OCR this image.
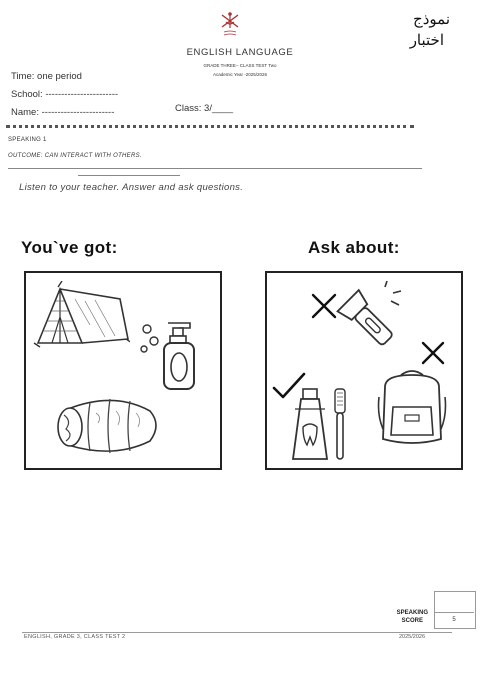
نموذج
اختبار
ENGLISH LANGUAGE
GRADE THREE– CLASS TEST Two
Academic Year -2025/2026
Time: one period
School: -----------------------
Name: -----------------------	Class: 3/____
SPEAKING 1
OUTCOME: CAN INTERACT WITH OTHERS.
Listen to your teacher. Answer and ask questions.
You`ve got:	Ask about:
SPEAKING
SCORE	5
ENGLISH, GRADE 3, CLASS TEST 2	2025/2026
